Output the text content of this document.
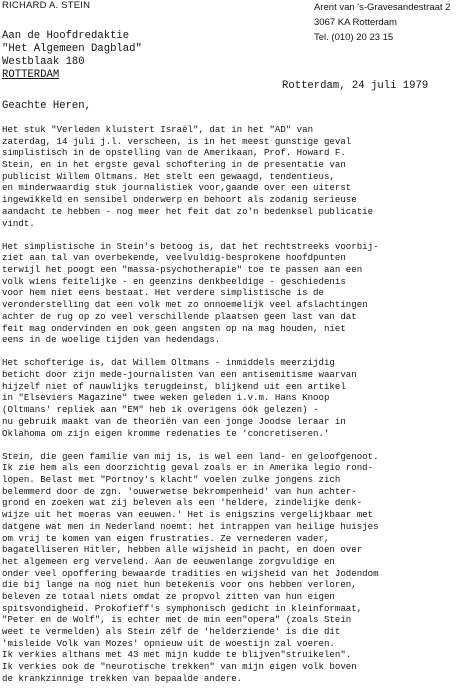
RICHARD A. STEIN	Arent van 's-Gravesandestraat 2
3067 KA Rotterdam
Tel. (010) 20 23 15
Aan de Hoofdredaktie
"Het Algemeen Dagblad"
Westblaak 180
ROTTERDAM
Rotterdam, 24 juli 1979
Geachte Heren,
Het stuk "Verleden kluistert Israël", dat in het "AD" van
zaterdag, 14 juli j.l. verscheen, is in het meest gunstige geval
simplistisch in de opstelling van de Amerikaan, Prof. Howard F.
Stein, en in het ergste geval schoftering in de presentatie van
publicist Willem Oltmans. Het stelt een gewaagd, tendentieus,
en minderwaardig stuk journalistiek voor,gaande over een uiterst
ingewikkeld en sensibel onderwerp en behoort als zodanig serieuse
aandacht te hebben - nog meer het feit dat zo'n bedenksel publicatie
vindt.
Het simplistische in Stein's betoog is, dat het rechtstreeks voorbij-
ziet aan tal van overbekende, veelvuldig-besprokene hoofdpunten
terwijl het poogt een "massa-psychotherapie" toe te passen aan een
volk wiens feitelijke - en geenzins denkbeeldige - geschiedenis
voor hem niet eens bestaat. Het verdere simplistische is de
veronderstelling dat een volk met zo onnoemelijk veel afslachtingen
achter de rug op zo veel verschillende plaatsen geen last van dat
feit mag ondervinden en ook geen angsten op na mag houden, niet
eens in de woelige tijden van hedendags.
Het schofterige is, dat Willem Oltmans - inmiddels meerzijdig
beticht door zijn mede-journalisten van een antisemitisme waarvan
hijzelf niet of nauwlijks terugdeinst, blijkend uit een artikel
in "Elseviers Magazine" twee weken geleden i.v.m. Hans Knoop
(Oltmans' repliek aan "EM" heb ik overigens óók gelezen) -
nu gebruik maakt van de theoriën van een jonge Joodse leraar in
Oklahoma om zijn eigen kromme redenaties te 'concretiseren.'
Stein, die geen familie van mij is, is wel een land- en geloofgenoot.
Ik zie hem als een doorzichtig geval zoals er in Amerika legio rond-
lopen. Belast met "Portnoy's klacht" voelen zulke jongens zich
belemmerd door de zgn. 'ouwerwetse bekrompenheid' van hun achter-
grond en zoeken wat zij beleven als een 'heldere, zindelijke denk-
wijze uit het moeras van eeuwen.' Het is enigszins vergelijkbaar met
datgene wat men in Nederland noemt: het intrappen van heilige huisjes
om vrij te komen van eigen frustraties. Ze vernederen vader,
bagatelliseren Hitler, hebben alle wijsheid in pacht, en doen over
het algemeen erg vervelend. Aan de eeuwenlange zorgvuldige en
onder veel opoffering bewaarde tradities en wijsheid van het Jodendom
die bij lange na nog niet hun betekenis voor ons hebben verloren,
beleven ze totaal niets omdat ze propvol zitten van hun eigen
spitsvondigheid. Prokofieff's symphonisch gedicht in kleinformaat,
"Peter en de Wolf", is echter met de min een"opera" (zoals Stein
weet te vermelden) als Stein zélf de 'helderziende' is die dit
'misleide Volk van Mozes' opnieuw uit de woestijn zal voeren.
Ik verkies althans met 43 met mijn kudde te blijven"struikelen".
Ik verkies ook de "neurotische trekken" van mijn eigen volk boven
de krankzinnige trekken van bepaalde andere.
